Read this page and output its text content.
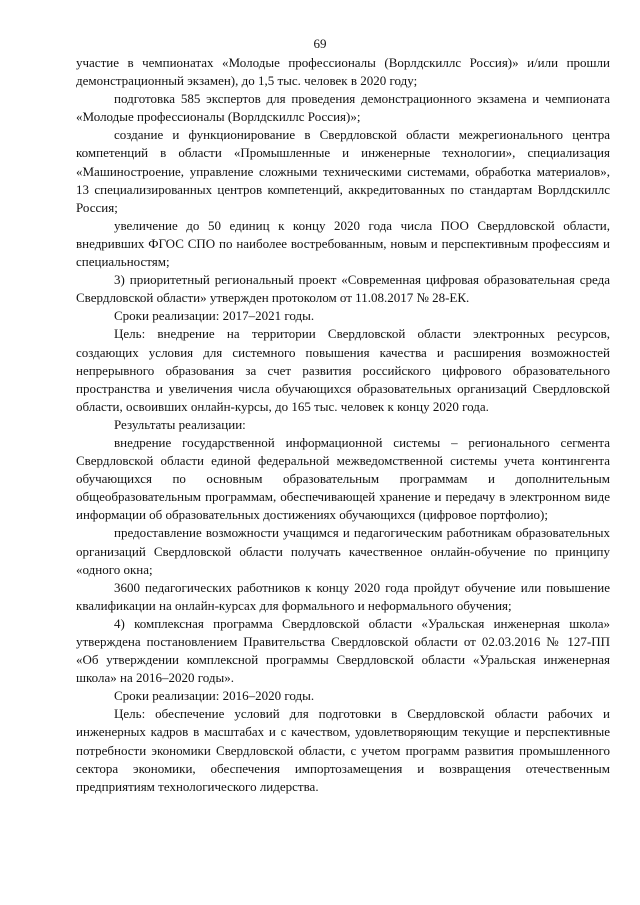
69

участие в чемпионатах «Молодые профессионалы (Ворлдскиллс Россия)» и/или прошли демонстрационный экзамен), до 1,5 тыс. человек в 2020 году;

подготовка 585 экспертов для проведения демонстрационного экзамена и чемпионата «Молодые профессионалы (Ворлдскиллс Россия)»;

создание и функционирование в Свердловской области межрегионального центра компетенций в области «Промышленные и инженерные технологии», специализация «Машиностроение, управление сложными техническими системами, обработка материалов», 13 специализированных центров компетенций, аккредитованных по стандартам Ворлдскиллс Россия;

увеличение до 50 единиц к концу 2020 года числа ПОО Свердловской области, внедривших ФГОС СПО по наиболее востребованным, новым и перспективным профессиям и специальностям;

3) приоритетный региональный проект «Современная цифровая образовательная среда Свердловской области» утвержден протоколом от 11.08.2017 № 28-ЕК.

Сроки реализации: 2017–2021 годы.

Цель: внедрение на территории Свердловской области электронных ресурсов, создающих условия для системного повышения качества и расширения возможностей непрерывного образования за счет развития российского цифрового образовательного пространства и увеличения числа обучающихся образовательных организаций Свердловской области, освоивших онлайн-курсы, до 165 тыс. человек к концу 2020 года.

Результаты реализации:

внедрение государственной информационной системы – регионального сегмента Свердловской области единой федеральной межведомственной системы учета контингента обучающихся по основным образовательным программам и дополнительным общеобразовательным программам, обеспечивающей хранение и передачу в электронном виде информации об образовательных достижениях обучающихся (цифровое портфолио);

предоставление возможности учащимся и педагогическим работникам образовательных организаций Свердловской области получать качественное онлайн-обучение по принципу «одного окна;

3600 педагогических работников к концу 2020 года пройдут обучение или повышение квалификации на онлайн-курсах для формального и неформального обучения;

4) комплексная программа Свердловской области «Уральская инженерная школа» утверждена постановлением Правительства Свердловской области от 02.03.2016 № 127-ПП «Об утверждении комплексной программы Свердловской области «Уральская инженерная школа» на 2016–2020 годы».

Сроки реализации: 2016–2020 годы.

Цель: обеспечение условий для подготовки в Свердловской области рабочих и инженерных кадров в масштабах и с качеством, удовлетворяющим текущие и перспективные потребности экономики Свердловской области, с учетом программ развития промышленного сектора экономики, обеспечения импортозамещения и возвращения отечественным предприятиям технологического лидерства.
